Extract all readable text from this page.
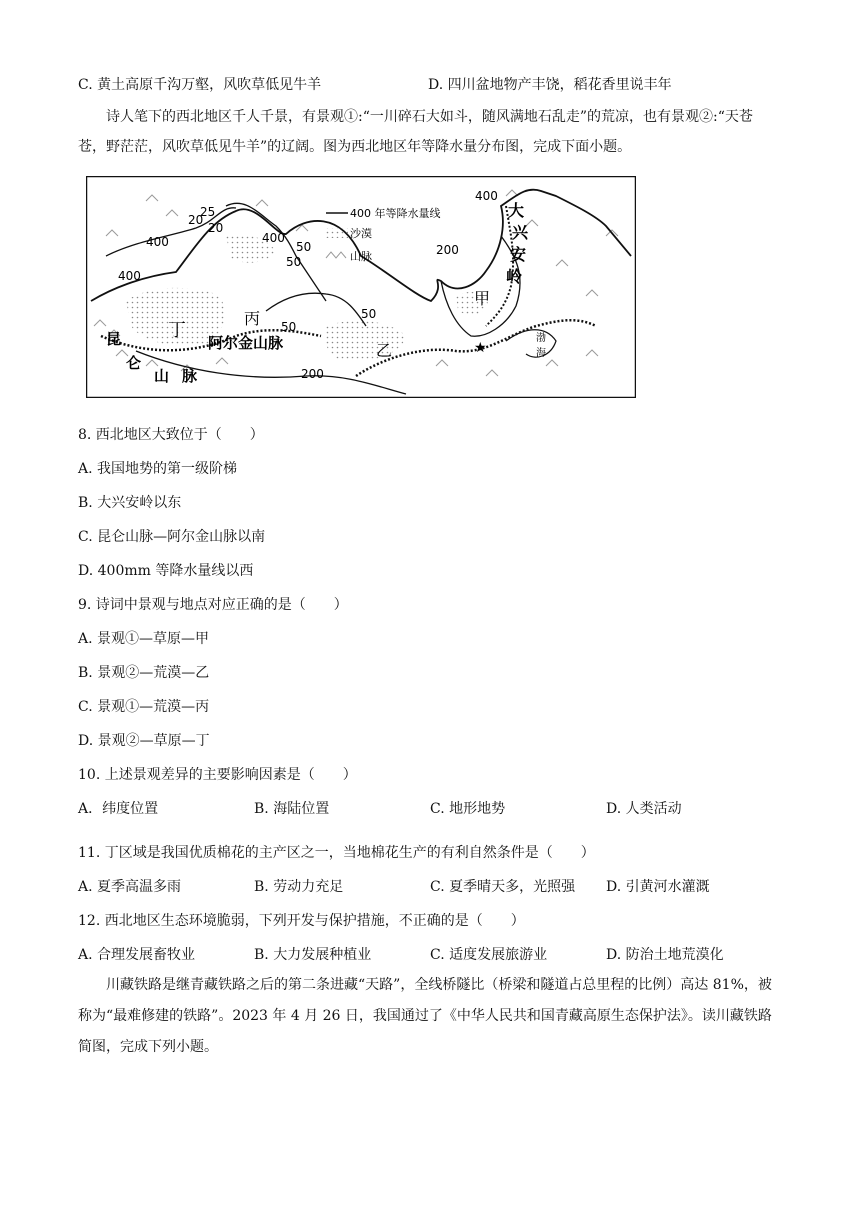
C. 黄土高原千沟万壑，风吹草低见牛羊	D. 四川盆地物产丰饶，稻花香里说丰年
诗人笔下的西北地区千人千景，有景观①:“一川碎石大如斗，随风满地石乱走”的荒凉，也有景观②:“天苍苍，野茫茫，风吹草低见牛羊”的辽阔。图为西北地区年等降水量分布图，完成下面小题。
★
400 年等降水量线
沙漠
山脉
甲
乙
丙
丁
大
兴
安
岭
昆
仑
山 脉
阿尔金山脉	渤
海
400
400
400
400
20
200
200
25
20
50
50
50
50
8. 西北地区大致位于（　　）
A. 我国地势的第一级阶梯
B. 大兴安岭以东
C. 昆仑山脉—阿尔金山脉以南
D. 400mm 等降水量线以西
9. 诗词中景观与地点对应正确的是（　　）
A. 景观①—草原—甲
B. 景观②—荒漠—乙
C. 景观①—荒漠—丙
D. 景观②—草原—丁
10. 上述景观差异的主要影响因素是（　　）
A．纬度位置	B. 海陆位置	C. 地形地势	D. 人类活动
11. 丁区域是我国优质棉花的主产区之一，当地棉花生产的有利自然条件是（　　）
A. 夏季高温多雨	B. 劳动力充足	C. 夏季晴天多，光照强 D. 引黄河水灌溉
12. 西北地区生态环境脆弱，下列开发与保护措施，不正确的是（　　）
A. 合理发展畜牧业	B. 大力发展种植业	C. 适度发展旅游业	D. 防治土地荒漠化
川藏铁路是继青藏铁路之后的第二条进藏“天路”，全线桥隧比（桥梁和隧道占总里程的比例）高达 81%，被称为“最难修建的铁路”。2023 年 4 月 26 日，我国通过了《中华人民共和国青藏高原生态保护法》。读川藏铁路简图，完成下列小题。
